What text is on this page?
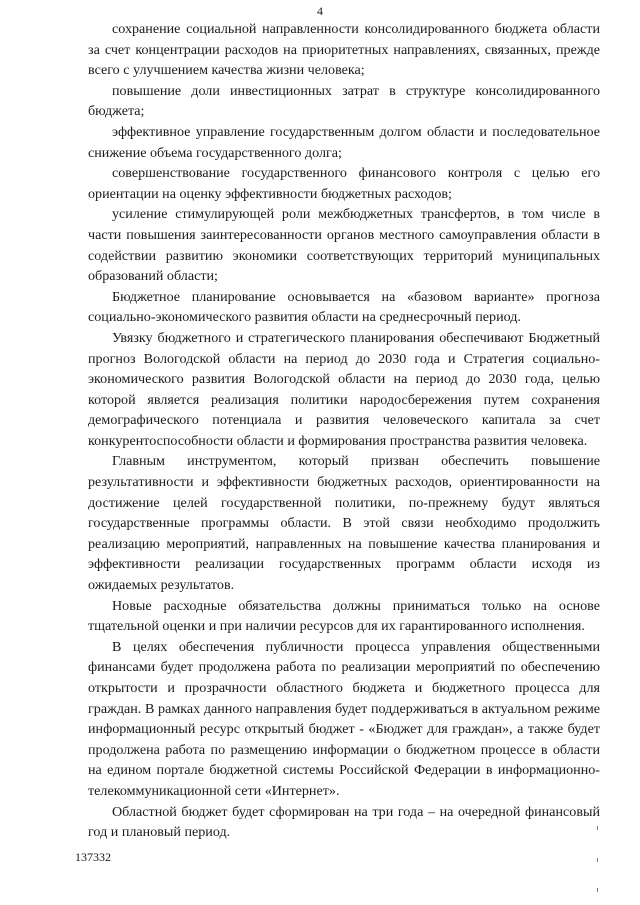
4

сохранение социальной направленности консолидированного бюджета области за счет концентрации расходов на приоритетных направлениях, связанных, прежде всего с улучшением качества жизни человека;

повышение доли инвестиционных затрат в структуре консолидированного бюджета;

эффективное управление государственным долгом области и последовательное снижение объема государственного долга;

совершенствование государственного финансового контроля с целью его ориентации на оценку эффективности бюджетных расходов;

усиление стимулирующей роли межбюджетных трансфертов, в том числе в части повышения заинтересованности органов местного самоуправления области в содействии развитию экономики соответствующих территорий муниципальных образований области;

Бюджетное планирование основывается на «базовом варианте» прогноза социально-экономического развития области на среднесрочный период.

Увязку бюджетного и стратегического планирования обеспечивают Бюджетный прогноз Вологодской области на период до 2030 года и Стратегия социально-экономического развития Вологодской области на период до 2030 года, целью которой является реализация политики народосбережения путем сохранения демографического потенциала и развития человеческого капитала за счет конкурентоспособности области и формирования пространства развития человека.

Главным инструментом, который призван обеспечить повышение результативности и эффективности бюджетных расходов, ориентированности на достижение целей государственной политики, по-прежнему будут являться государственные программы области. В этой связи необходимо продолжить реализацию мероприятий, направленных на повышение качества планирования и эффективности реализации государственных программ области исходя из ожидаемых результатов.

Новые расходные обязательства должны приниматься только на основе тщательной оценки и при наличии ресурсов для их гарантированного исполнения.

В целях обеспечения публичности процесса управления общественными финансами будет продолжена работа по реализации мероприятий по обеспечению открытости и прозрачности областного бюджета и бюджетного процесса для граждан. В рамках данного направления будет поддерживаться в актуальном режиме информационный ресурс открытый бюджет - «Бюджет для граждан», а также будет продолжена работа по размещению информации о бюджетном процессе в области на едином портале бюджетной системы Российской Федерации в информационно-телекоммуникационной сети «Интернет».

Областной бюджет будет сформирован на три года – на очередной финансовый год и плановый период.

137332
